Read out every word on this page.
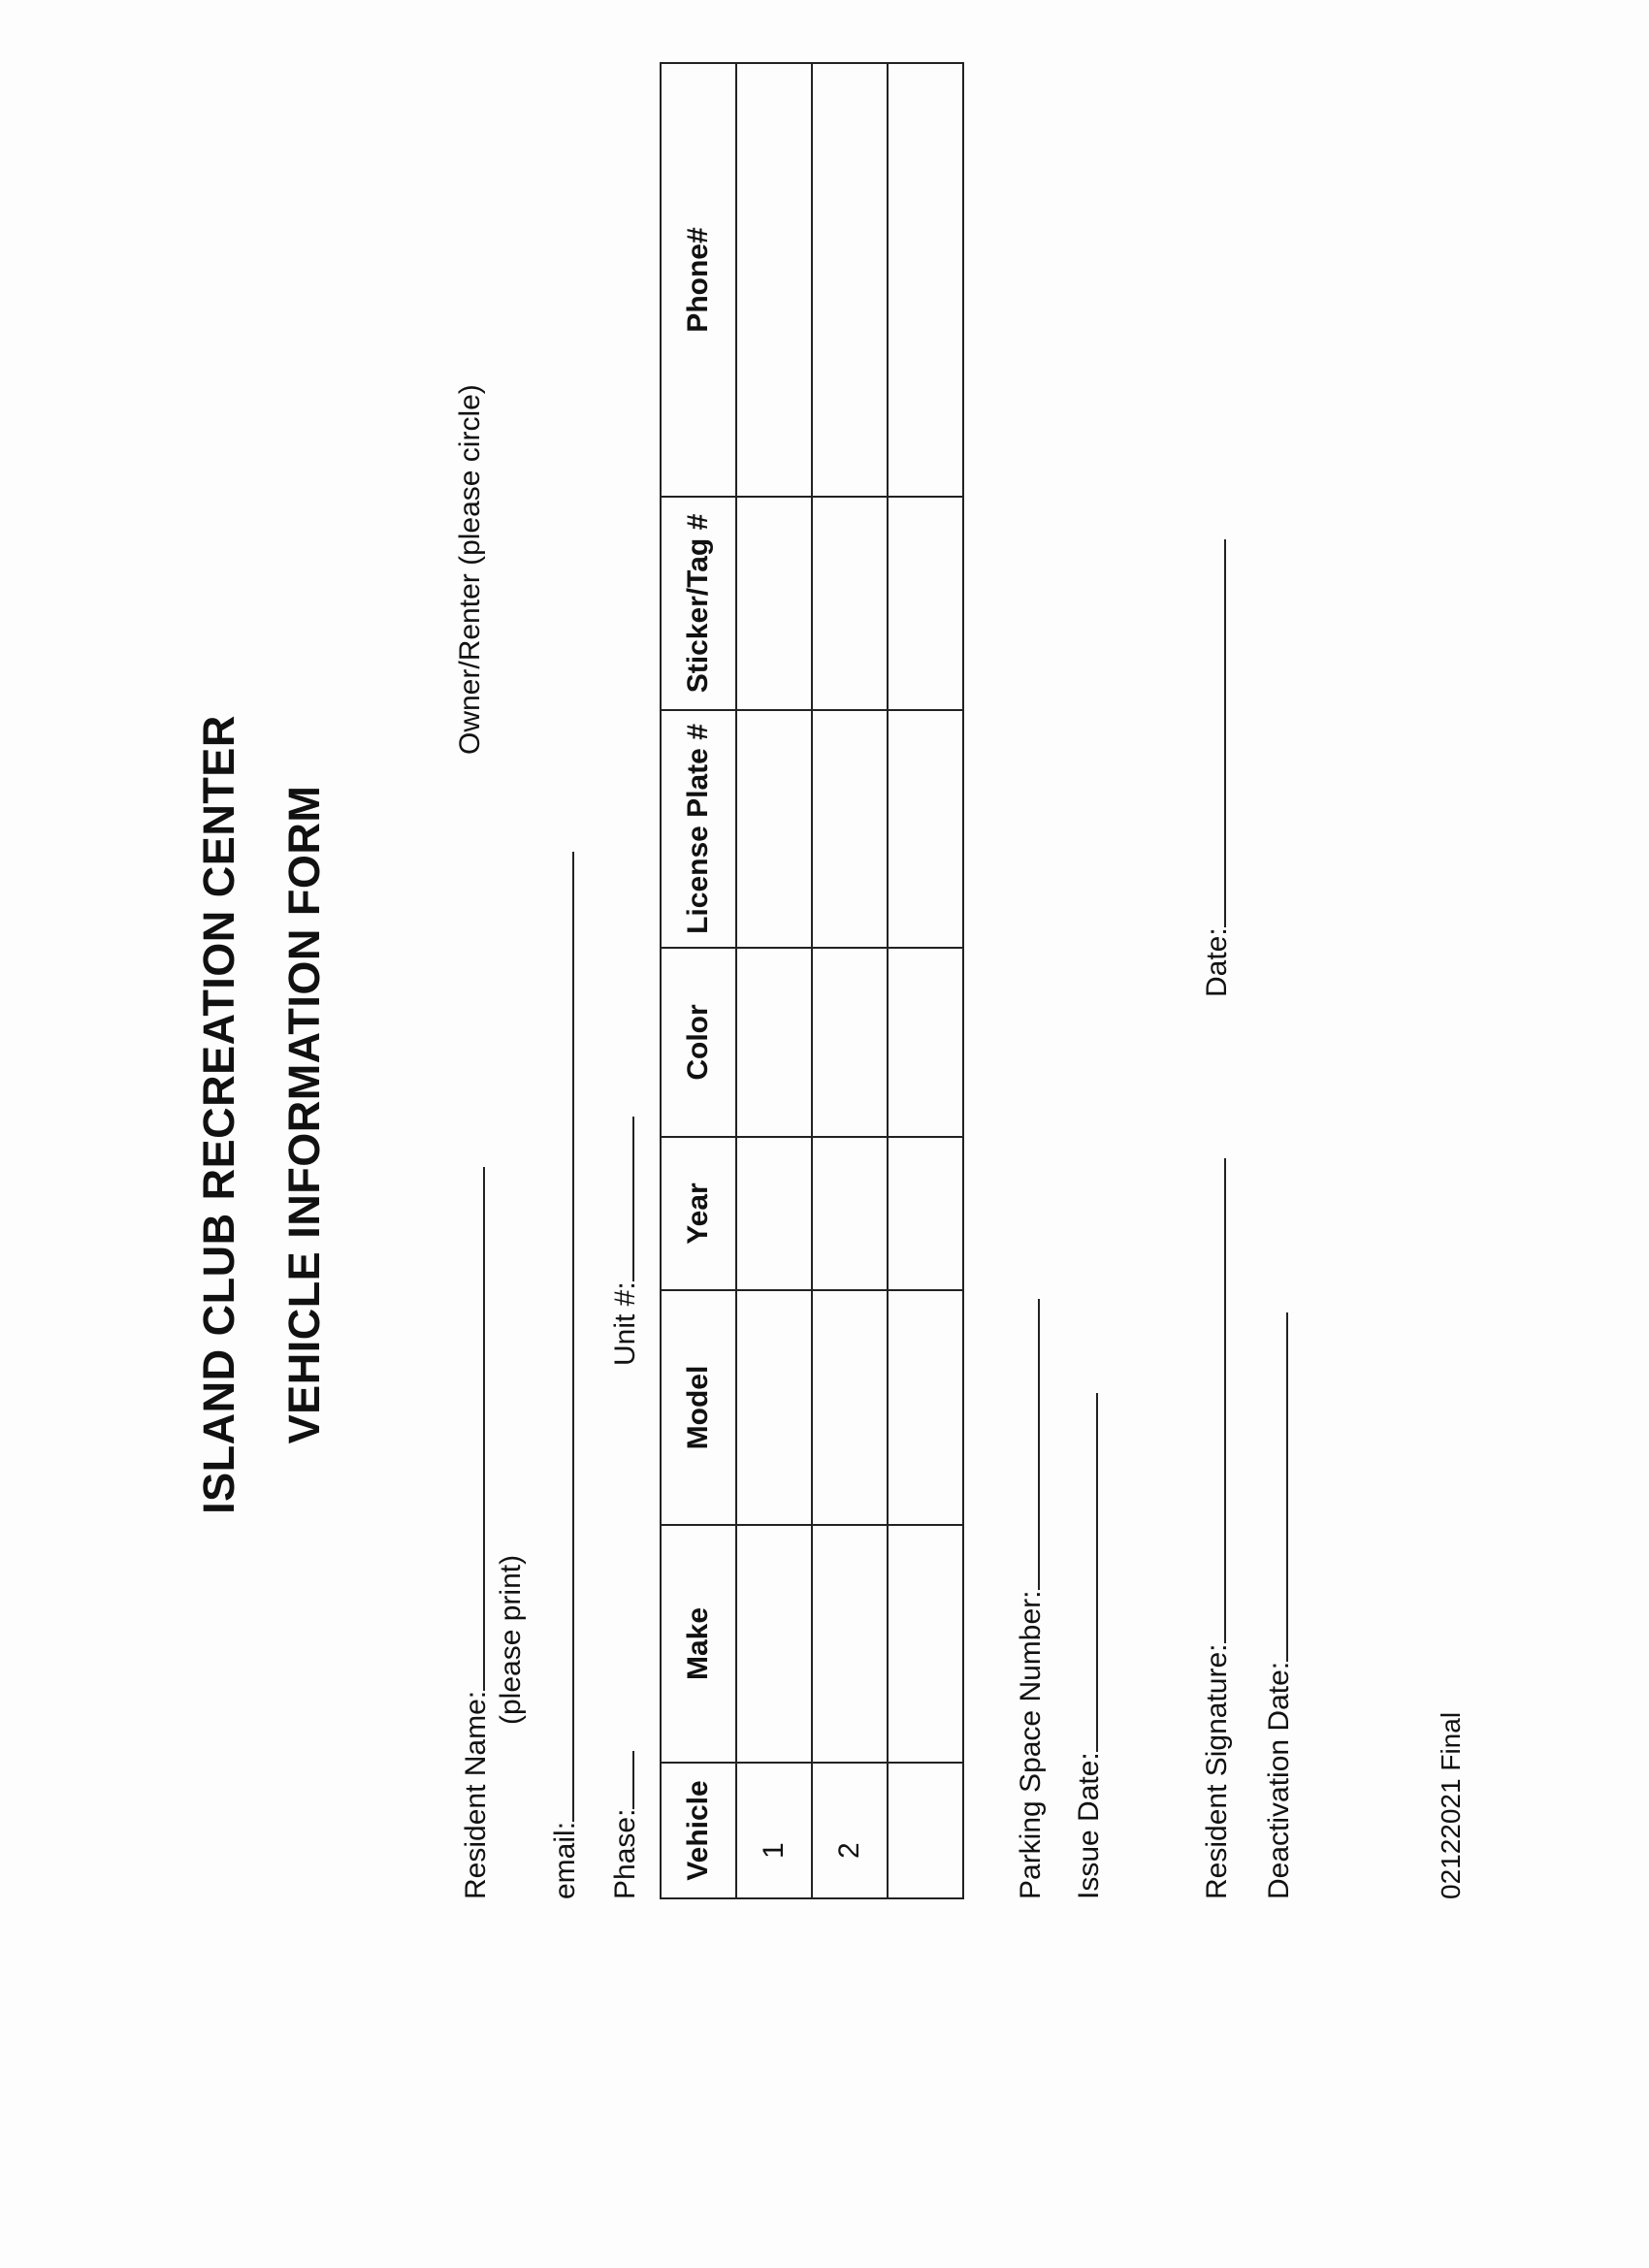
ISLAND CLUB RECREATION CENTER VEHICLE INFORMATION FORM
Resident Name:
Owner/Renter (please circle)
(please print)
email: Phase:
Unit #:
Vehicle	Make	Model	Year	Color	License Plate #	Sticker/Tag #	Phone#
1							
2							
								Parking Space Number: Issue Date:	Resident Signature:
Date:
Deactivation Date:	02122021 Final
